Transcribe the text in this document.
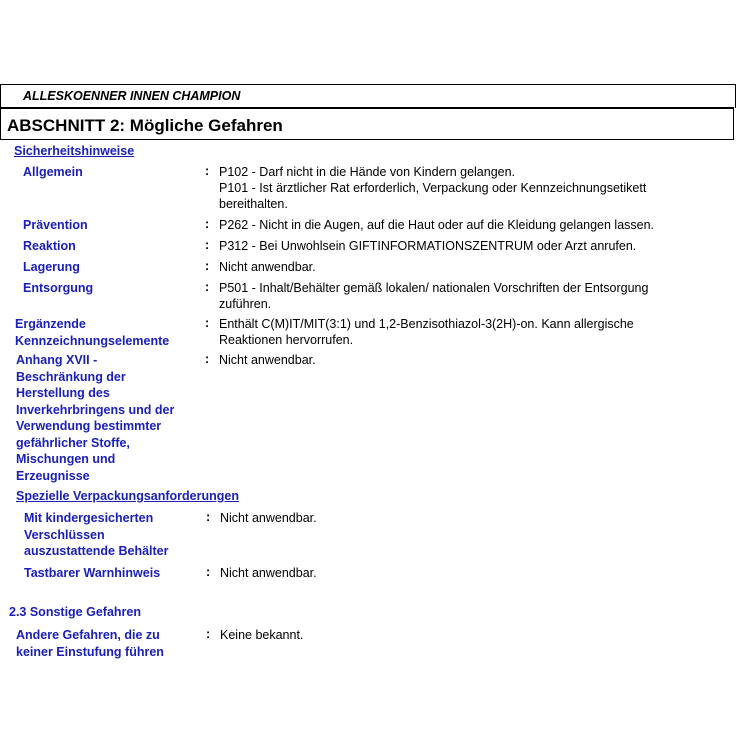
ALLESKOENNER INNEN CHAMPION
ABSCHNITT 2: Mögliche Gefahren
Sicherheitshinweise
Allgemein	: P102 - Darf nicht in die Hände von Kindern gelangen.
P101 - Ist ärztlicher Rat erforderlich, Verpackung oder Kennzeichnungsetikett
bereithalten.
Prävention	: P262 - Nicht in die Augen, auf die Haut oder auf die Kleidung gelangen lassen.
Reaktion	: P312 - Bei Unwohlsein GIFTINFORMATIONSZENTRUM oder Arzt anrufen.
Lagerung	: Nicht anwendbar.
Entsorgung	: P501 - Inhalt/Behälter gemäß lokalen/ nationalen Vorschriften der Entsorgung
zuführen.
Ergänzende
Kennzeichnungselemente
: Enthält C(M)IT/MIT(3:1) und 1,2-Benzisothiazol-3(2H)-on. Kann allergische
Reaktionen hervorrufen.
Anhang XVII -
Beschränkung der
Herstellung des
Inverkehrbringens und der
Verwendung bestimmter
gefährlicher Stoffe,
Mischungen und
Erzeugnisse
: Nicht anwendbar.
Spezielle Verpackungsanforderungen
Mit kindergesicherten
Verschlüssen
auszustattende Behälter
: Nicht anwendbar.
Tastbarer Warnhinweis	: Nicht anwendbar.
2.3 Sonstige Gefahren
Andere Gefahren, die zu
keiner Einstufung führen
: Keine bekannt.
